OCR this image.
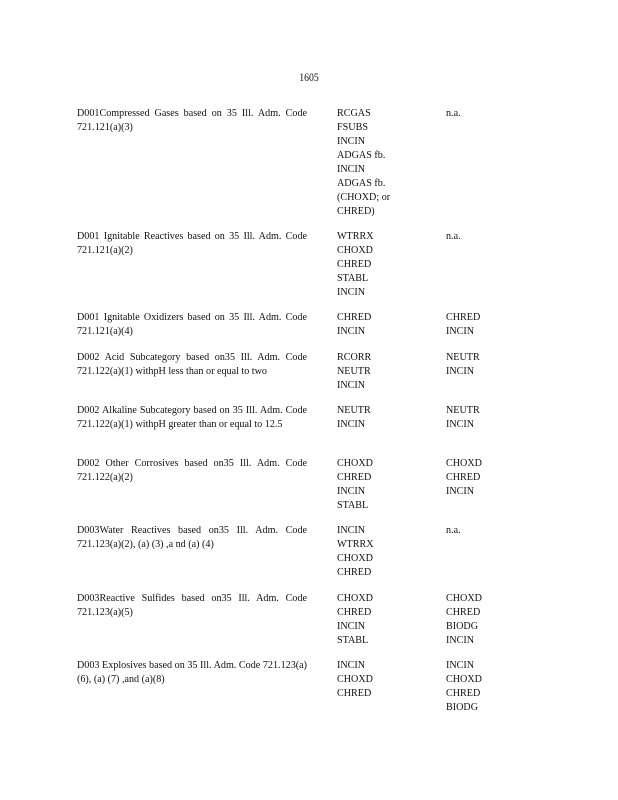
1605
D001Compressed Gases based on 35 Ill. Adm. Code 721.121(a)(3)
RCGAS
FSUBS
INCIN
ADGAS fb.
INCIN
ADGAS fb.
(CHOXD; or
CHRED)
n.a.
D001 Ignitable Reactives based on 35 Ill. Adm. Code 721.121(a)(2)
WTRRX
CHOXD
CHRED
STABL
INCIN
n.a.
D001 Ignitable Oxidizers based on 35 Ill. Adm. Code 721.121(a)(4)
CHRED
INCIN
CHRED
INCIN
D002 Acid Subcategory based on35 Ill. Adm. Code 721.122(a)(1) withpH less than or equal to two
RCORR
NEUTR
INCIN
NEUTR
INCIN
D002 Alkaline Subcategory based on 35 Ill. Adm. Code 721.122(a)(1) withpH greater than or equal to 12.5
NEUTR
INCIN
NEUTR
INCIN
D002 Other Corrosives based on35 Ill. Adm. Code 721.122(a)(2)
CHOXD
CHRED
INCIN
STABL
CHOXD
CHRED
INCIN
D003Water Reactives based on35 Ill. Adm. Code 721.123(a)(2), (a) (3) ,a nd (a) (4)
INCIN
WTRRX
CHOXD
CHRED
n.a.
D003Reactive Sulfides based on35 Ill. Adm. Code 721.123(a)(5)
CHOXD
CHRED
INCIN
STABL
CHOXD
CHRED
BIODG
INCIN
D003 Explosives based on 35 Ill. Adm. Code 721.123(a)(6), (a) (7) ,and (a)(8)
INCIN
CHOXD
CHRED
INCIN
CHOXD
CHRED
BIODG
